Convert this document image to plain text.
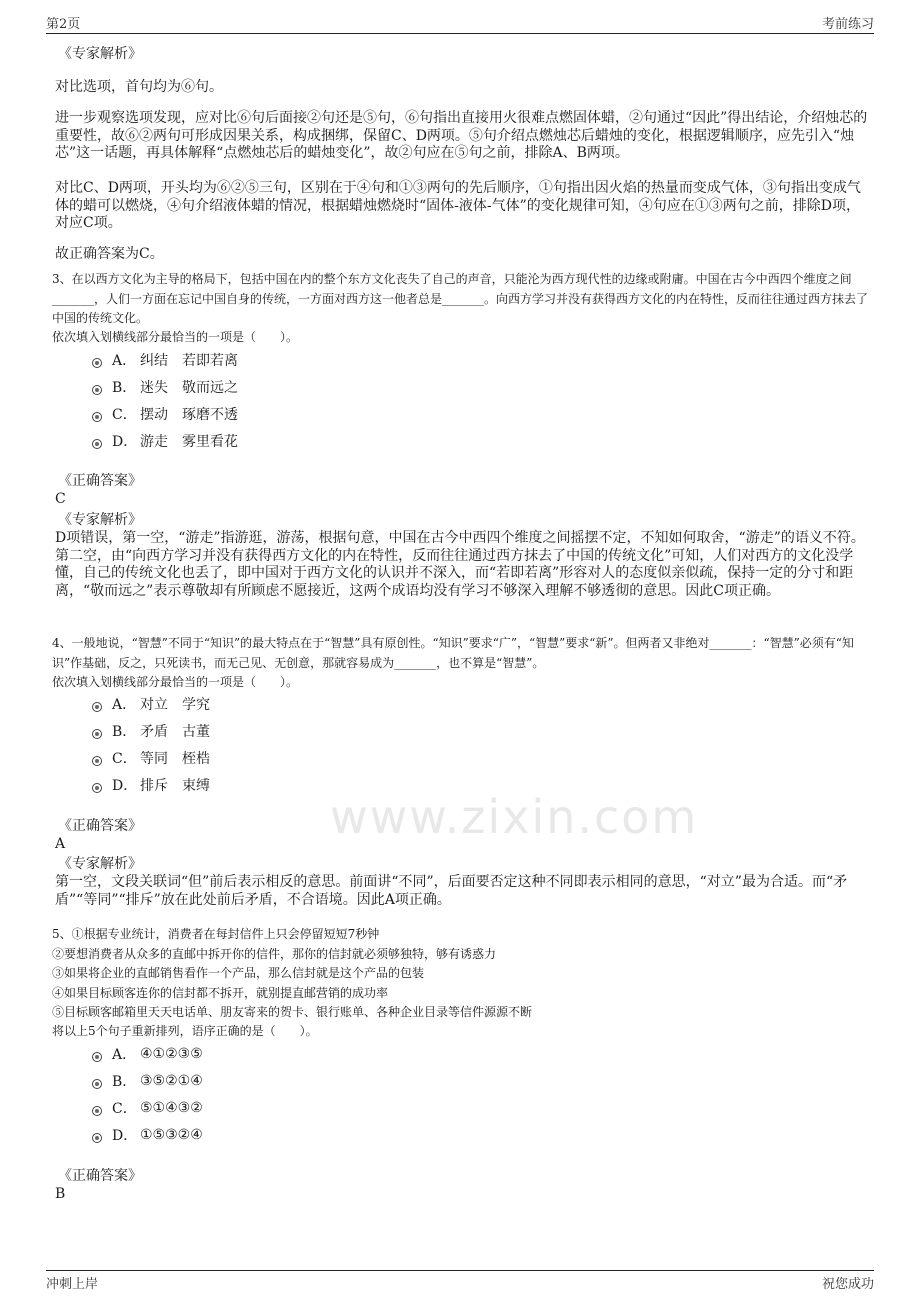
第2页	考前练习
www.zixin.com

《专家解析》

对比选项，首句均为⑥句。

进一步观察选项发现，应对比⑥句后面接②句还是⑤句，⑥句指出直接用火很难点燃固体蜡，②句通过“因此”得出结论，介绍烛芯的重要性，故⑥②两句可形成因果关系，构成捆绑，保留C、D两项。⑤句介绍点燃烛芯后蜡烛的变化，根据逻辑顺序，应先引入“烛芯”这一话题，再具体解释“点燃烛芯后的蜡烛变化”，故②句应在⑤句之前，排除A、B两项。

对比C、D两项，开头均为⑥②⑤三句，区别在于④句和①③两句的先后顺序，①句指出因火焰的热量而变成气体，③句指出变成气体的蜡可以燃烧，④句介绍液体蜡的情况，根据蜡烛燃烧时“固体-液体-气体”的变化规律可知，④句应在①③两句之前，排除D项，对应C项。

故正确答案为C。

3、在以西方文化为主导的格局下，包括中国在内的整个东方文化丧失了自己的声音，只能沦为西方现代性的边缘或附庸。中国在古今中西四个维度之间_______，人们一方面在忘记中国自身的传统，一方面对西方这一他者总是_______。向西方学习并没有获得西方文化的内在特性，反而往往通过西方抹去了中国的传统文化。

依次填入划横线部分最恰当的一项是（　　）。

A． 纠结　若即若离
B． 迷失　敬而远之
C． 摆动　琢磨不透
D． 游走　雾里看花

《正确答案》

C

《专家解析》

D项错误，第一空，“游走”指游逛，游荡，根据句意，中国在古今中西四个维度之间摇摆不定，不知如何取舍，“游走”的语义不符。第二空，由“向西方学习并没有获得西方文化的内在特性，反而往往通过西方抹去了中国的传统文化”可知，人们对西方的文化没学懂，自己的传统文化也丢了，即中国对于西方文化的认识并不深入，而“若即若离”形容对人的态度似亲似疏，保持一定的分寸和距离，“敬而远之”表示尊敬却有所顾虑不愿接近，这两个成语均没有学习不够深入理解不够透彻的意思。因此C项正确。

4、一般地说，“智慧”不同于“知识”的最大特点在于“智慧”具有原创性。“知识”要求“广”，“智慧”要求“新”。但两者又非绝对_______：“智慧”必须有“知识”作基础，反之，只死读书，而无己见、无创意，那就容易成为_______，也不算是“智慧”。

依次填入划横线部分最恰当的一项是（　　）。

A． 对立　学究
B． 矛盾　古董
C． 等同　桎梏
D． 排斥　束缚

《正确答案》

A

《专家解析》

第一空，文段关联词“但”前后表示相反的意思。前面讲“不同”，后面要否定这种不同即表示相同的意思，“对立”最为合适。而“矛盾”“等同”“排斥”放在此处前后矛盾，不合语境。因此A项正确。

5、①根据专业统计，消费者在每封信件上只会停留短短7秒钟

②要想消费者从众多的直邮中拆开你的信件，那你的信封就必须够独特，够有诱惑力

③如果将企业的直邮销售看作一个产品，那么信封就是这个产品的包装

④如果目标顾客连你的信封都不拆开，就别提直邮营销的成功率

⑤目标顾客邮箱里天天电话单、朋友寄来的贺卡、银行账单、各种企业目录等信件源源不断

将以上5个句子重新排列，语序正确的是（　　）。

A． ④①②③⑤
B． ③⑤②①④
C． ⑤①④③②
D． ①⑤③②④

《正确答案》

B

冲刺上岸	祝您成功
